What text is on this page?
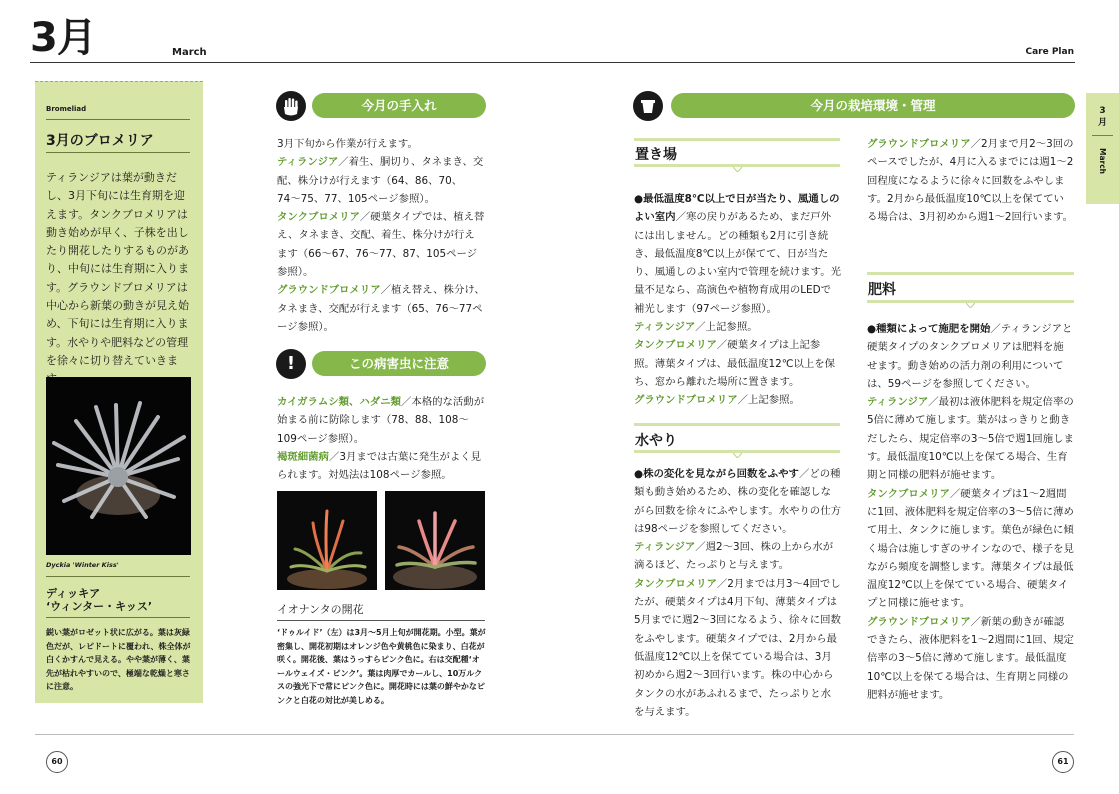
3月	March	Care Plan
Bromeliad
3月のブロメリア
ティランジアは葉が動きだし、3月下旬には生育期を迎えます。タンクブロメリアは動き始めが早く、子株を出したり開花したりするものがあり、中旬には生育期に入ります。グラウンドブロメリアは中心から新葉の動きが見え始め、下旬には生育期に入ります。水やりや肥料などの管理を徐々に切り替えていきま
Dyckia 'Winter Kiss'
ディッキア
‘ウィンター・キッス’
鋭い葉がロゼット状に広がる。葉は灰緑色だが、レピドートに覆われ、株全体が白くかすんで見える。やや葉が薄く、葉先が枯れやすいので、極端な乾燥と寒さに注意。
今月の手入れ
3月下旬から作業が行えます。
ティランジア／着生、胴切り、タネまき、交配、株分けが行えます（64、86、70、74〜75、77、105ページ参照）。
タンクブロメリア／硬葉タイプでは、植え替え、タネまき、交配、着生、株分けが行えます（66〜67、76〜77、87、105ページ参照）。
グラウンドブロメリア／植え替え、株分け、タネまき、交配が行えます（65、76〜77ページ参照）。
!	この病害虫に注意
カイガラムシ類、ハダニ類／本格的な活動が始まる前に防除します（78、88、108〜109ページ参照）。
褐斑細菌病／3月までは古葉に発生がよく見られます。対処法は108ページ参照。
イオナンタの開花
‘ドゥルイド’（左）は3月〜5月上旬が開花期。小型。葉が密集し、開花初期はオレンジ色や黄桃色に染まり、白花が咲く。開花後、葉はうっすらピンク色に。右は交配種‘オールウェイズ・ピンク’。葉は肉厚でカールし、10万ルクスの強光下で常にピンク色に。開花時には葉の鮮やかなピンクと白花の対比が美しめる。
今月の栽培環境・管理
置き場
●最低温度8℃以上で日が当たり、風通しのよい室内／寒の戻りがあるため、まだ戸外には出しません。どの種類も2月に引き続き、最低温度8℃以上が保てて、日が当たり、風通しのよい室内で管理を続けます。光量不足なら、高演色や植物育成用のLEDで補光します（97ページ参照）。
ティランジア／上記参照。
タンクブロメリア／硬葉タイプは上記参照。薄葉タイプは、最低温度12℃以上を保ち、窓から離れた場所に置きます。
グラウンドブロメリア／上記参照。
水やり
●株の変化を見ながら回数をふやす／どの種類も動き始めるため、株の変化を確認しながら回数を徐々にふやします。水やりの仕方は98ページを参照してください。
ティランジア／週2〜3回、株の上から水が滴るほど、たっぷりと与えます。
タンクブロメリア／2月までは月3〜4回でしたが、硬葉タイプは4月下旬、薄葉タイプは5月までに週2〜3回になるよう、徐々に回数をふやします。硬葉タイプでは、2月から最低温度12℃以上を保てている場合は、3月初めから週2〜3回行います。株の中心からタンクの水があふれるまで、たっぷりと水を与えます。
グラウンドブロメリア／2月まで月2〜3回のペースでしたが、4月に入るまでには週1〜2回程度になるように徐々に回数をふやします。2月から最低温度10℃以上を保てている場合は、3月初めから週1〜2回行います。
肥料
●種類によって施肥を開始／ティランジアと硬葉タイプのタンクブロメリアは肥料を施せます。動き始めの活力剤の利用については、59ページを参照してください。
ティランジア／最初は液体肥料を規定倍率の5倍に薄めて施します。葉がはっきりと動きだしたら、規定倍率の3〜5倍で週1回施します。最低温度10℃以上を保てる場合、生育期と同様の肥料が施せます。
タンクブロメリア／硬葉タイプは1〜2週間に1回、液体肥料を規定倍率の3〜5倍に薄めて用土、タンクに施します。葉色が緑色に傾く場合は施しすぎのサインなので、様子を見ながら頻度を調整します。薄葉タイプは最低温度12℃以上を保てている場合、硬葉タイプと同様に施せます。
グラウンドブロメリア／新葉の動きが確認できたら、液体肥料を1〜2週間に1回、規定倍率の3〜5倍に薄めて施します。最低温度10℃以上を保てる場合は、生育期と同様の肥料が施せます。
3
月
March
60	61
